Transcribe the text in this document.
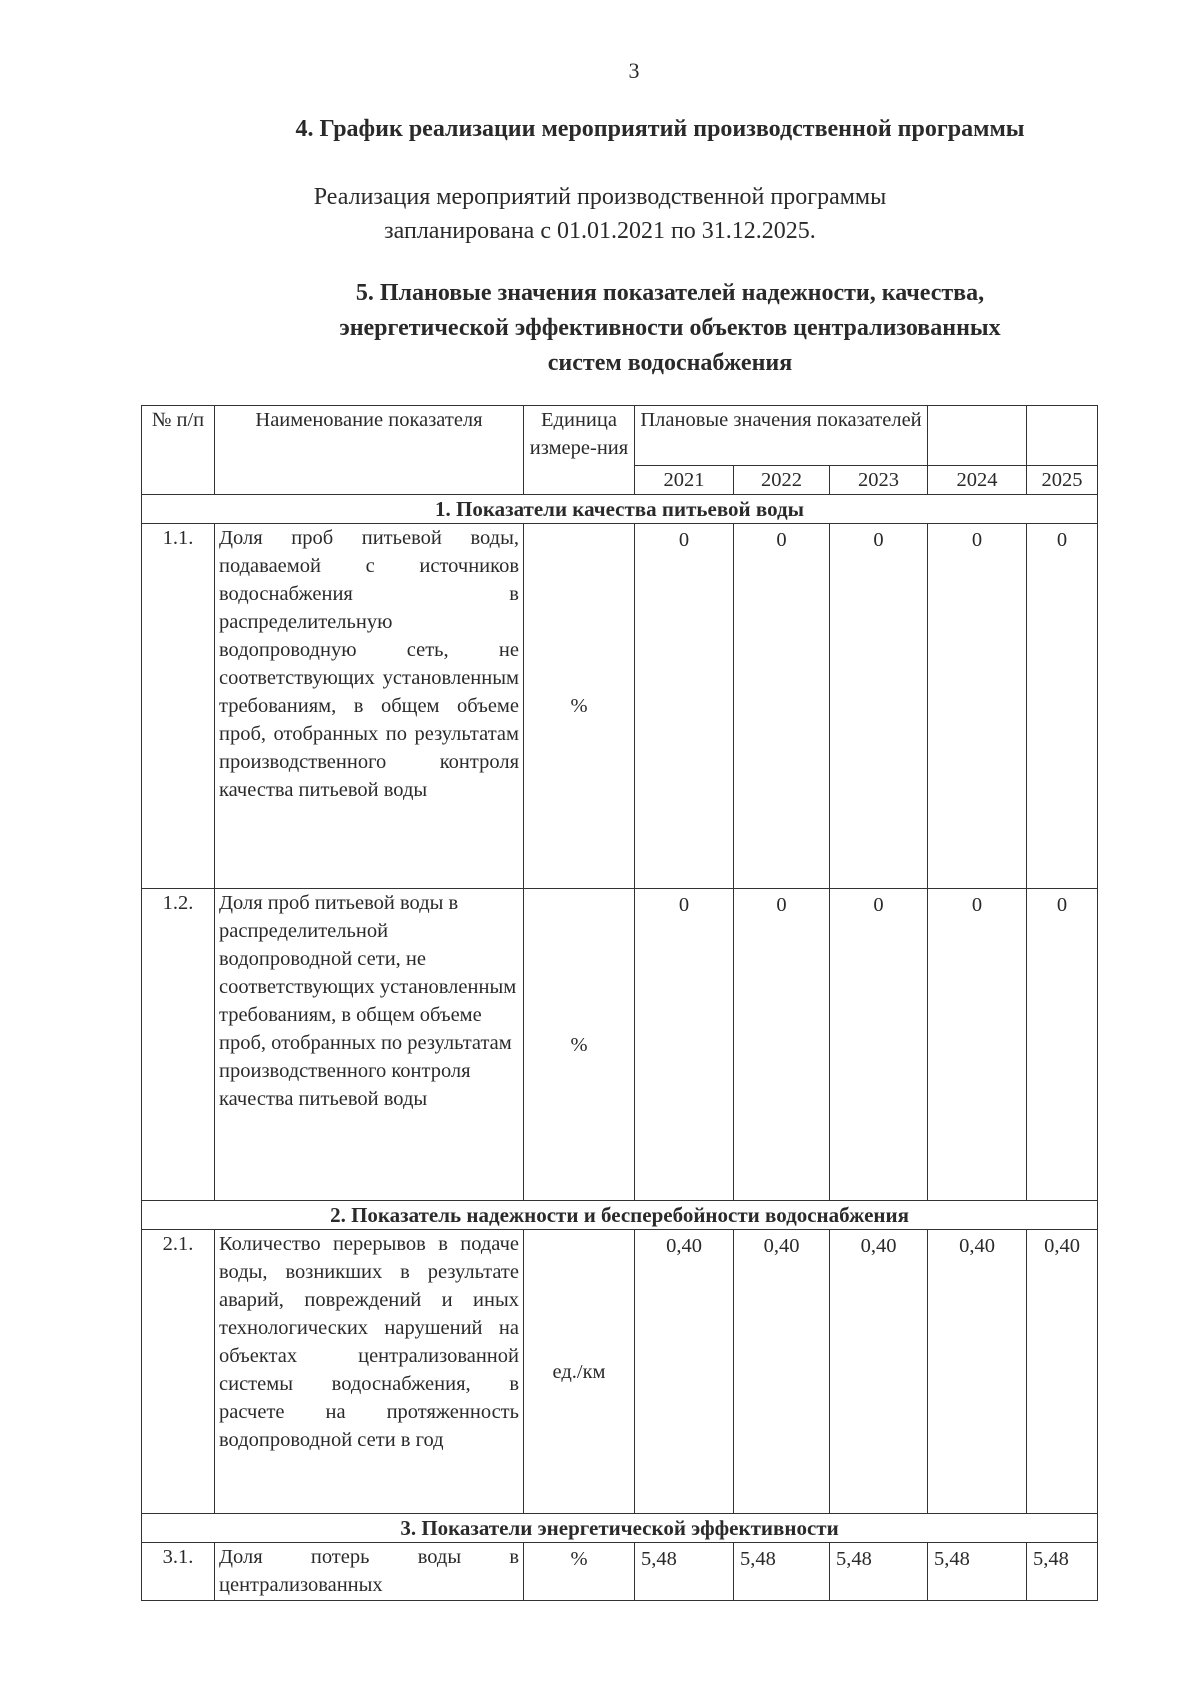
3
4. График реализации мероприятий производственной программы
Реализация мероприятий производственной программы
запланирована с 01.01.2021 по 31.12.2025.
5. Плановые значения показателей надежности, качества,
энергетической эффективности объектов централизованных
систем водоснабжения
№ п/п	Наименование показателя	Единица измере-ния	Плановые значения показателей				
			2021	2022	2023	2024	2025
1. Показатели качества питьевой воды							
1.1.	Доля проб питьевой воды, подаваемой с источников водоснабжения в распределительную водопроводную сеть, не соответствующих установленным требованиям, в общем объеме проб, отобранных по результатам производственного контроля качества питьевой воды	%	0	0	0	0	0
1.2.	Доля проб питьевой воды в распределительной водопроводной сети, не соответствующих установленным требованиям, в общем объеме проб, отобранных по результатам производственного контроля качества питьевой воды	%	0	0	0	0	0
2. Показатель надежности и бесперебойности водоснабжения							
2.1.	Количество перерывов в подаче воды, возникших в результате аварий, повреждений и иных технологических нарушений на объектах централизованной системы водоснабжения, в расчете на протяженность водопроводной сети в год	ед./км	0,40	0,40	0,40	0,40	0,40
3. Показатели энергетической эффективности							
3.1.	Доля потерь воды в централизованных	%	5,48	5,48	5,48	5,48	5,48
